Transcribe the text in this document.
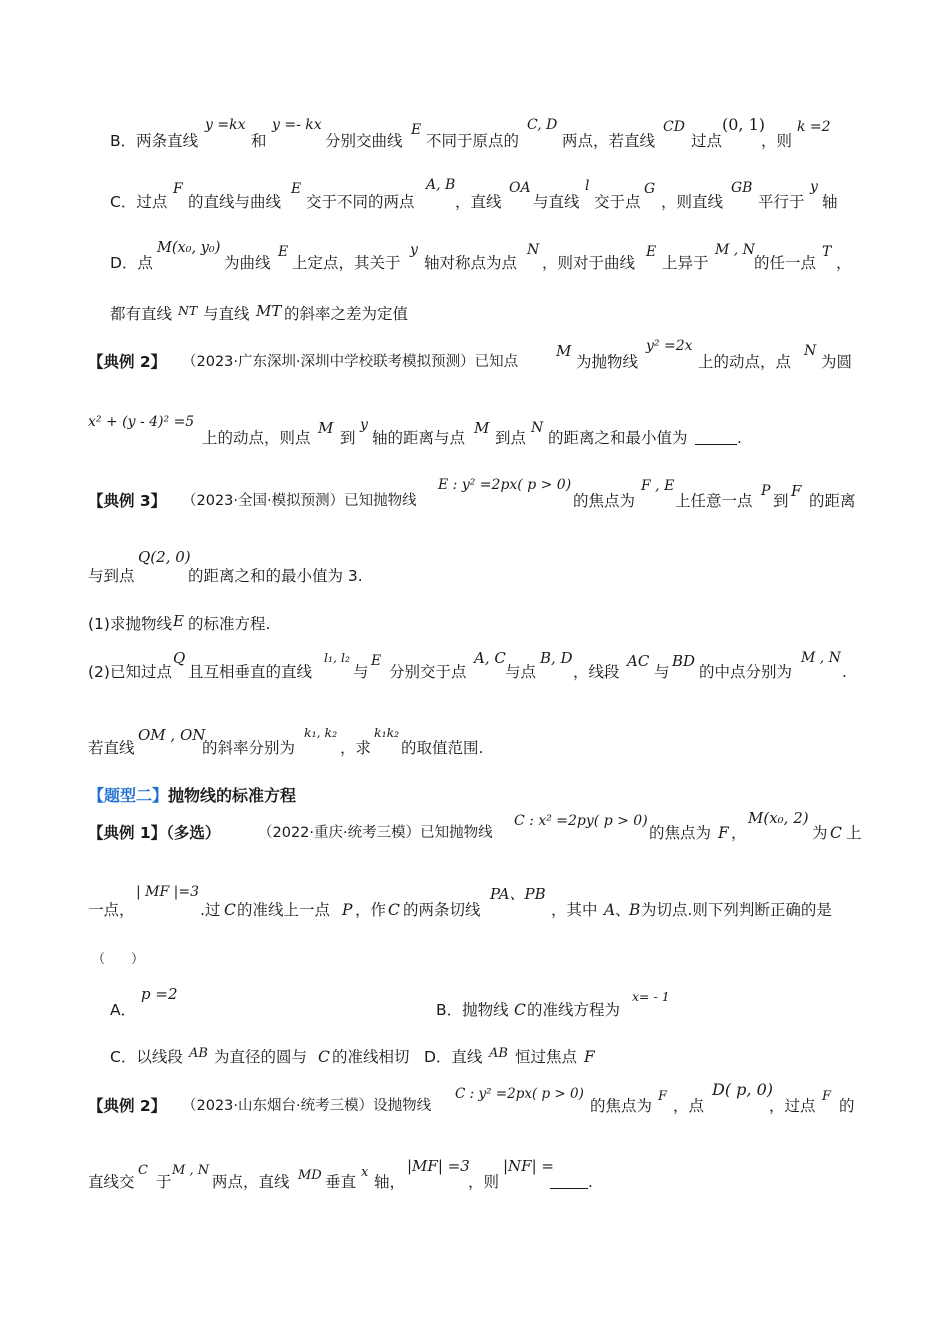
B．两条直线
y =kx
和
y =- kx
分别交曲线
E
不同于原点的
C, D
两点，若直线
CD
过点
(0, 1)
，则
k =2
C．过点
F
的直线与曲线
E
交于不同的两点
A, B
，直线
OA
与直线
l
交于点
G
，则直线
GB
平行于
y
轴
D．点
M(x₀, y₀)
为曲线
E
上定点，其关于
y
轴对称点为点
N
，则对于曲线
E
上异于
M , N
的任一点
T
，
都有直线 NT 与直线 MT 的斜率之差为定值
【典例 2】 （2023·广东深圳·深圳中学校联考模拟预测）已知点
M
为抛物线
y² =2x
上的动点，点
N
为圆
x² + (y - 4)² =5
上的动点，则点
M
到
y
轴的距离与点
M
到点
N
的距离之和最小值为	.
【典例 3】 （2023·全国·模拟预测）已知抛物线
E : y² =2px( p > 0)
的焦点为
F , E
上任意一点
P
到
F
的距离
与到点
Q(2, 0)
的距离之和的最小值为 3.
(1)求抛物线 E 的标准方程.
(2)已知过点
Q
且互相垂直的直线
l₁, l₂
与
E
分别交于点
A, C
与点
B, D
，线段
AC
与
BD
的中点分别为
M , N
.
若直线
OM , ON
的斜率分别为
k₁, k₂
，求
k₁k₂
的取值范围.
【题型二】抛物线的标准方程
【典例 1】（多选）	（2022·重庆·统考三模）已知抛物线
C : x² =2py( p > 0)
的焦点为 F ，
M(x₀, 2)
为 C 上
一点，
| MF |=3
.过 C 的准线上一点 P ，作 C 的两条切线
PA、PB
，其中 A 、
B 为切点.则下列判断正确的是
（　　）
A．
p =2
B．抛物线 C 的准线方程为
x= - 1
C．以线段 AB 为直径的圆与 C 的准线相切 D．直线 AB 恒过焦点 F
【典例 2】 （2023·山东烟台·统考三模）设抛物线
C : y² =2px( p > 0)
的焦点为
F
，点
D( p, 0)
，过点
F
的
直线交
C
于
M , N
两点，直线 MD 垂直
x
轴，
|MF| =3
，则
|NF| =
.
